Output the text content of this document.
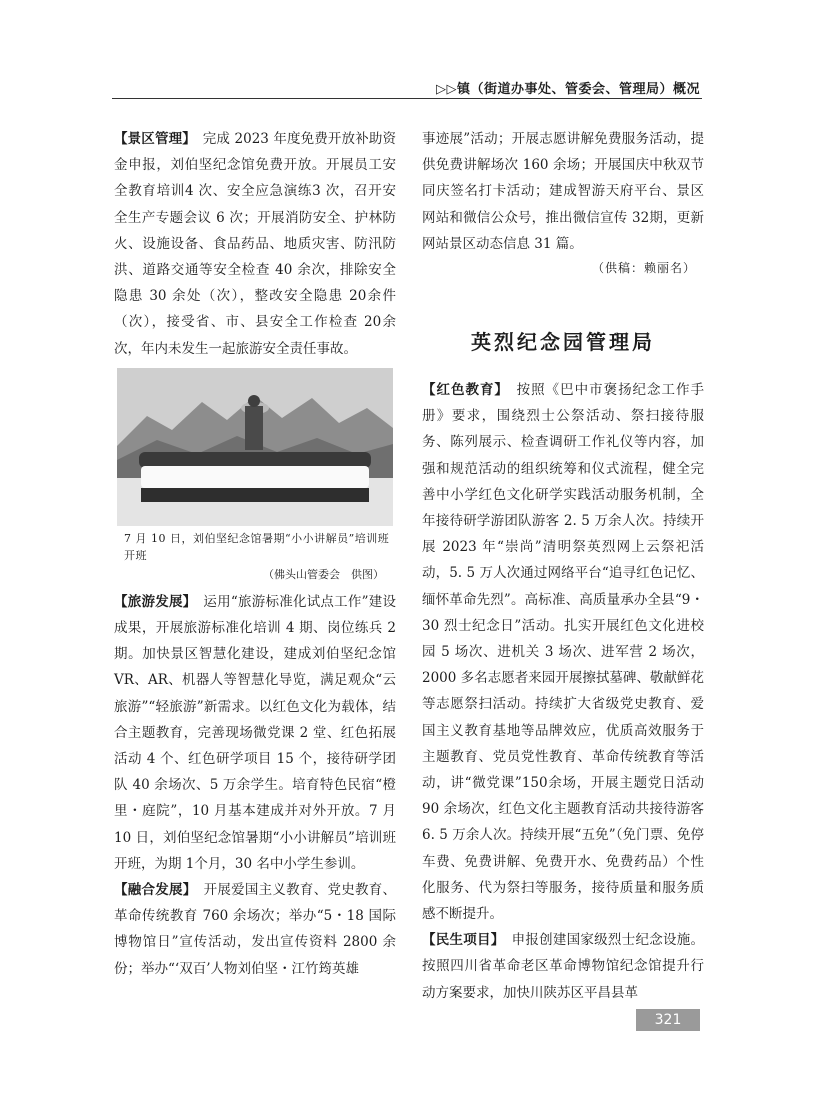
▷▷镇（街道办事处、管委会、管理局）概况

【景区管理】　完成 2023 年度免费开放补助资金申报，刘伯坚纪念馆免费开放。开展员工安全教育培训4 次、安全应急演练3 次，召开安全生产专题会议 6 次；开展消防安全、护林防火、设施设备、食品药品、地质灾害、防汛防洪、道路交通等安全检查 40 余次，排除安全隐患 30 余处（次），整改安全隐患 20余件（次），接受省、市、县安全工作检查 20余次，年内未发生一起旅游安全责任事故。

7 月 10 日，刘伯坚纪念馆暑期“小小讲解员”培训班开班

（佛头山管委会　供图）

【旅游发展】　运用“旅游标准化试点工作”建设成果，开展旅游标准化培训 4 期、岗位练兵 2 期。加快景区智慧化建设，建成刘伯坚纪念馆 VR、AR、机器人等智慧化导览，满足观众“云旅游”“轻旅游”新需求。以红色文化为载体，结合主题教育，完善现场微党课 2 堂、红色拓展活动 4 个、红色研学项目 15 个，接待研学团队 40 余场次、5 万余学生。培育特色民宿“橙里・庭院”，10 月基本建成并对外开放。7 月 10 日，刘伯坚纪念馆暑期“小小讲解员”培训班开班，为期 1个月，30 名中小学生参训。

【融合发展】　开展爱国主义教育、党史教育、革命传统教育 760 余场次；举办“5・18 国际博物馆日”宣传活动，发出宣传资料 2800 余份；举办“‘双百’人物刘伯坚・江竹筠英雄

事迹展”活动；开展志愿讲解免费服务活动，提供免费讲解场次 160 余场；开展国庆中秋双节同庆签名打卡活动；建成智游天府平台、景区网站和微信公众号，推出微信宣传 32期，更新网站景区动态信息 31 篇。

（供稿：赖丽名）

英烈纪念园管理局

【红色教育】　按照《巴中市褒扬纪念工作手册》要求，围绕烈士公祭活动、祭扫接待服务、陈列展示、检查调研工作礼仪等内容，加强和规范活动的组织统筹和仪式流程，健全完善中小学红色文化研学实践活动服务机制，全年接待研学游团队游客 2. 5 万余人次。持续开展 2023 年“崇尚”清明祭英烈网上云祭祀活动，5. 5 万人次通过网络平台“追寻红色记忆、缅怀革命先烈”。高标准、高质量承办全县“9・30 烈士纪念日”活动。扎实开展红色文化进校园 5 场次、进机关 3 场次、进军营 2 场次，2000 多名志愿者来园开展擦拭墓碑、敬献鲜花等志愿祭扫活动。持续扩大省级党史教育、爱国主义教育基地等品牌效应，优质高效服务于主题教育、党员党性教育、革命传统教育等活动，讲“微党课”150余场，开展主题党日活动 90 余场次，红色文化主题教育活动共接待游客 6. 5 万余人次。持续开展“五免”（免门票、免停车费、免费讲解、免费开水、免费药品）个性化服务、代为祭扫等服务，接待质量和服务质感不断提升。

【民生项目】　申报创建国家级烈士纪念设施。按照四川省革命老区革命博物馆纪念馆提升行动方案要求，加快川陕苏区平昌县革

321
